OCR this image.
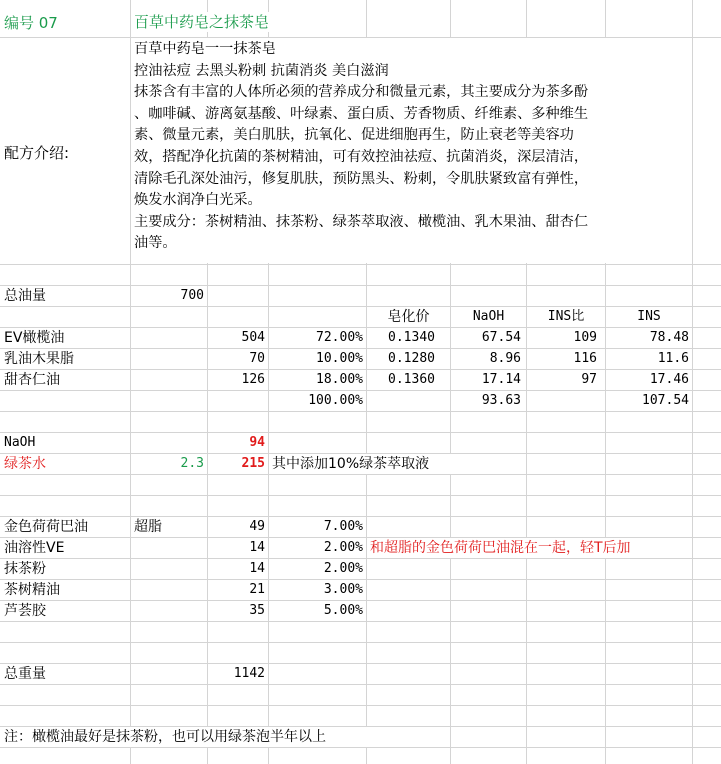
编号 07	百草中药皂之抹茶皂
配方介绍:
百草中药皂一一抹茶皂
控油祛痘 去黑头粉刺 抗菌消炎 美白滋润
抹茶含有丰富的人体所必须的营养成分和微量元素，其主要成分为茶多酚
、咖啡碱、游离氨基酸、叶绿素、蛋白质、芳香物质、纤维素、多种维生
素、微量元素，美白肌肤，抗氧化、促进细胞再生，防止衰老等美容功
效，搭配净化抗菌的茶树精油，可有效控油祛痘、抗菌消炎，深层清洁，
清除毛孔深处油污，修复肌肤，预防黑头、粉刺，令肌肤紧致富有弹性，
焕发水润净白光采。
主要成分：茶树精油、抹茶粉、绿茶萃取液、橄榄油、乳木果油、甜杏仁
油等。
总油量	700
皂化价	NaOH	INS比	INS
EV橄榄油	504	72.00%	0.1340	67.54	109	78.48
乳油木果脂	70	10.00%	0.1280	8.96	116	11.6
甜杏仁油	126	18.00%	0.1360	17.14	97	17.46
100.00%	93.63	107.54
NaOH	94
绿茶水	2.3	215 其中添加10%绿茶萃取液
金色荷荷巴油	超脂	49	7.00%
油溶性VE	14	2.00% 和超脂的金色荷荷巴油混在一起，轻T后加
抹茶粉	14	2.00%
茶树精油	21	3.00%
芦荟胶	35	5.00%
总重量	1142
注：橄榄油最好是抹茶粉，也可以用绿茶泡半年以上
